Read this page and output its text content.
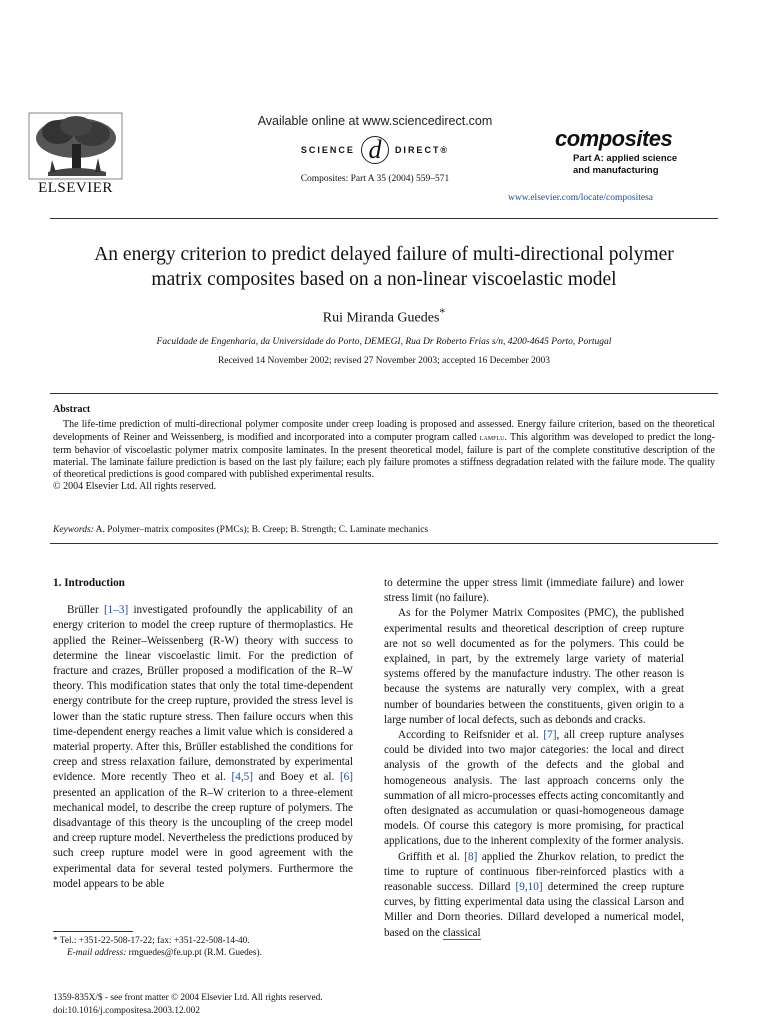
ELSEVIER
Available online at www.sciencedirect.com
SCIENCE d	DIRECT®
Composites: Part A 35 (2004) 559–571
composites
Part A: applied science
and manufacturing
www.elsevier.com/locate/compositesa
An energy criterion to predict delayed failure of multi-directional polymer
matrix composites based on a non-linear viscoelastic model
Rui Miranda Guedes*
Faculdade de Engenharia, da Universidade do Porto, DEMEGI, Rua Dr Roberto Frias s/n, 4200-4645 Porto, Portugal
Received 14 November 2002; revised 27 November 2003; accepted 16 December 2003
Abstract

The life-time prediction of multi-directional polymer composite under creep loading is proposed and assessed. Energy failure criterion, based on the theoretical developments of Reiner and Weissenberg, is modified and incorporated into a computer program called lamflu. This algorithm was developed to predict the long-term behavior of viscoelastic polymer matrix composite laminates. In the present theoretical model, failure is part of the complete constitutive description of the material. The laminate failure prediction is based on the last ply failure; each ply failure promotes a stiffness degradation related with the failure mode. The quality of theoretical predictions is good compared with published experimental results.

© 2004 Elsevier Ltd. All rights reserved.

Keywords: A. Polymer–matrix composites (PMCs); B. Creep; B. Strength; C. Laminate mechanics
1. Introduction

Brüller [1–3] investigated profoundly the applicability of an energy criterion to model the creep rupture of thermoplastics. He applied the Reiner–Weissenberg (R-W) theory with success to determine the linear viscoelastic limit. For the prediction of fracture and crazes, Brüller proposed a modification of the R–W theory. This modification states that only the total time-dependent energy contribute for the creep rupture, provided the stress level is lower than the static rupture stress. Then failure occurs when this time-dependent energy reaches a limit value which is considered a material property. After this, Brüller established the conditions for creep and stress relaxation failure, demonstrated by experimental evidence. More recently Theo et al. [4,5] and Boey et al. [6] presented an application of the R–W criterion to a three-element mechanical model, to describe the creep rupture of polymers. The disadvantage of this theory is the uncoupling of the creep model and creep rupture model. Nevertheless the predictions produced by such creep rupture model were in good agreement with the experimental data for several tested polymers. Furthermore the model appears to be able

to determine the upper stress limit (immediate failure) and lower stress limit (no failure).

As for the Polymer Matrix Composites (PMC), the published experimental results and theoretical description of creep rupture are not so well documented as for the polymers. This could be explained, in part, by the extremely large variety of material systems offered by the manufacture industry. The other reason is because the systems are naturally very complex, with a great number of boundaries between the constituents, given origin to a large number of local defects, such as debonds and cracks.

According to Reifsnider et al. [7], all creep rupture analyses could be divided into two major categories: the local and direct analysis of the growth of the defects and the global and homogeneous analysis. The last approach concerns only the summation of all micro-processes effects acting concomitantly and often designated as accumulation or quasi-homogeneous damage models. Of course this category is more promising, for practical applications, due to the inherent complexity of the former analysis.

Griffith et al. [8] applied the Zhurkov relation, to predict the time to rupture of continuous fiber-reinforced plastics with a reasonable success. Dillard [9,10] determined the creep rupture curves, by fitting experimental data using the classical Larson and Miller and Dorn theories. Dillard developed a numerical model, based on the classical

* Tel.: +351-22-508-17-22; fax: +351-22-508-14-40.
E-mail address: rmguedes@fe.up.pt (R.M. Guedes).
1359-835X/$ - see front matter © 2004 Elsevier Ltd. All rights reserved.
doi:10.1016/j.compositesa.2003.12.002
